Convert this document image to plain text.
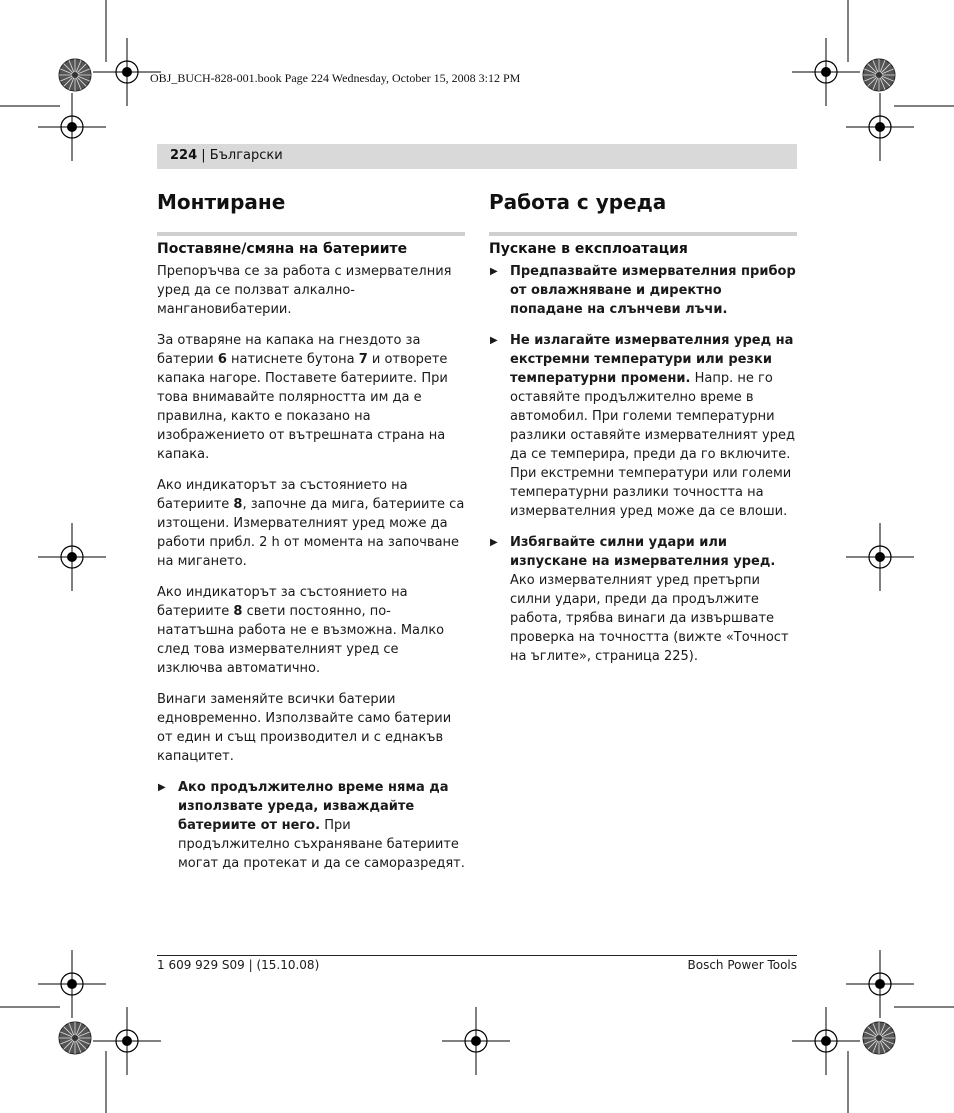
OBJ_BUCH-828-001.book Page 224 Wednesday, October 15, 2008 3:12 PM
224 | Български
Монтиране
Поставяне/смяна на батериите

Препоръчва се за работа с измервателния уред да се ползват алкално-мангановибатерии.

За отваряне на капака на гнездото за батерии 6 натиснете бутона 7 и отворете капака нагоре. Поставете батериите. При това внимавайте полярността им да е правилна, както е показано на изображението от вътрешната страна на капака.

Ако индикаторът за състоянието на батериите 8, започне да мига, батериите са изтощени. Измервателният уред може да работи прибл. 2 h от момента на започване на мигането.

Ако индикаторът за състоянието на батериите 8 свети постоянно, по-нататъшна работа не е възможна. Малко след това измервателният уред се изключва автоматично.

Винаги заменяйте всички батерии едновременно. Използвайте само батерии от един и същ производител и с еднакъв капацитет.

▶ Ако продължително време няма да използвате уреда, изваждайте батериите от него. При продължително съхраняване батериите могат да протекат и да се саморазредят.
Работа с уреда
Пускане в експлоатация
▶ Предпазвайте измервателния прибор от овлажняване и директно попадане на слънчеви лъчи.
▶ Не излагайте измервателния уред на екстремни температури или резки температурни промени. Напр. не го оставяйте продължително време в автомобил. При големи температурни разлики оставяйте измервателният уред да се темперира, преди да го включите.
При екстремни температури или големи температурни разлики точността на измервателния уред може да се влоши.
▶ Избягвайте силни удари или изпускане на измервателния уред. Ако измервателният уред претърпи силни удари, преди да продължите работа, трябва винаги да извършвате проверка на точността (вижте «Точност на ъглите», страница 225).
1 609 929 S09 | (15.10.08)	Bosch Power Tools
